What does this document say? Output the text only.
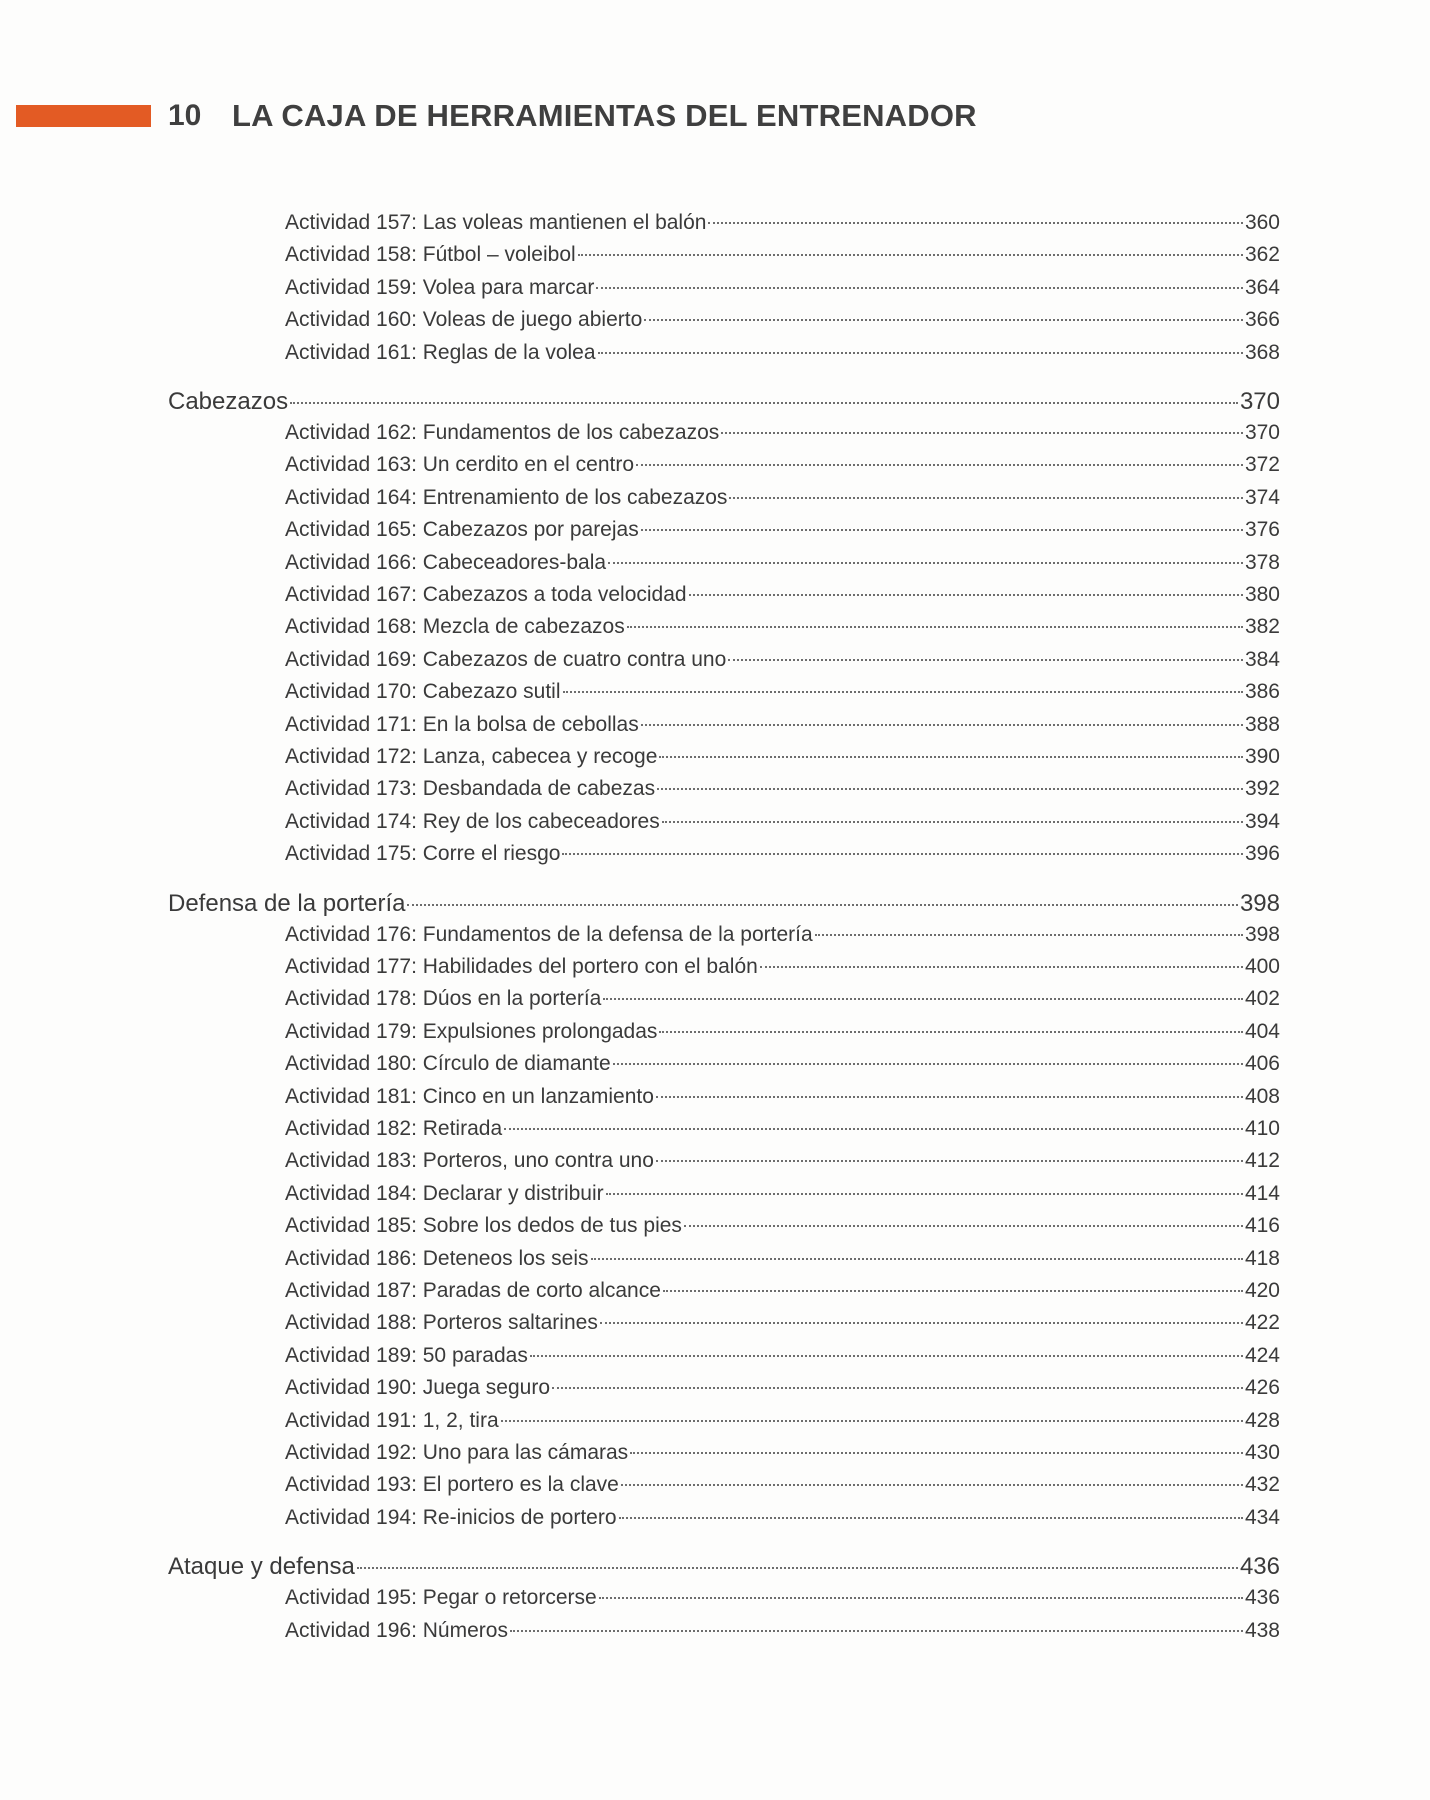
10 LA CAJA DE HERRAMIENTAS DEL ENTRENADOR
Actividad 157: Las voleas mantienen el balón	360
Actividad 158: Fútbol – voleibol	362
Actividad 159: Volea para marcar	364
Actividad 160: Voleas de juego abierto	366
Actividad 161: Reglas de la volea	368
Cabezazos	370
Actividad 162: Fundamentos de los cabezazos	370
Actividad 163: Un cerdito en el centro	372
Actividad 164: Entrenamiento de los cabezazos	374
Actividad 165: Cabezazos por parejas	376
Actividad 166: Cabeceadores-bala	378
Actividad 167: Cabezazos a toda velocidad	380
Actividad 168: Mezcla de cabezazos	382
Actividad 169: Cabezazos de cuatro contra uno	384
Actividad 170: Cabezazo sutil	386
Actividad 171: En la bolsa de cebollas	388
Actividad 172: Lanza, cabecea y recoge	390
Actividad 173: Desbandada de cabezas	392
Actividad 174: Rey de los cabeceadores	394
Actividad 175: Corre el riesgo	396
Defensa de la portería	398
Actividad 176: Fundamentos de la defensa de la portería	398
Actividad 177: Habilidades del portero con el balón	400
Actividad 178: Dúos en la portería	402
Actividad 179: Expulsiones prolongadas	404
Actividad 180: Círculo de diamante	406
Actividad 181: Cinco en un lanzamiento	408
Actividad 182: Retirada	410
Actividad 183: Porteros, uno contra uno	412
Actividad 184: Declarar y distribuir	414
Actividad 185: Sobre los dedos de tus pies	416
Actividad 186: Deteneos los seis	418
Actividad 187: Paradas de corto alcance	420
Actividad 188: Porteros saltarines	422
Actividad 189: 50 paradas	424
Actividad 190: Juega seguro	426
Actividad 191: 1, 2, tira	428
Actividad 192: Uno para las cámaras	430
Actividad 193: El portero es la clave	432
Actividad 194: Re-inicios de portero	434
Ataque y defensa	436
Actividad 195: Pegar o retorcerse	436
Actividad 196: Números	438
